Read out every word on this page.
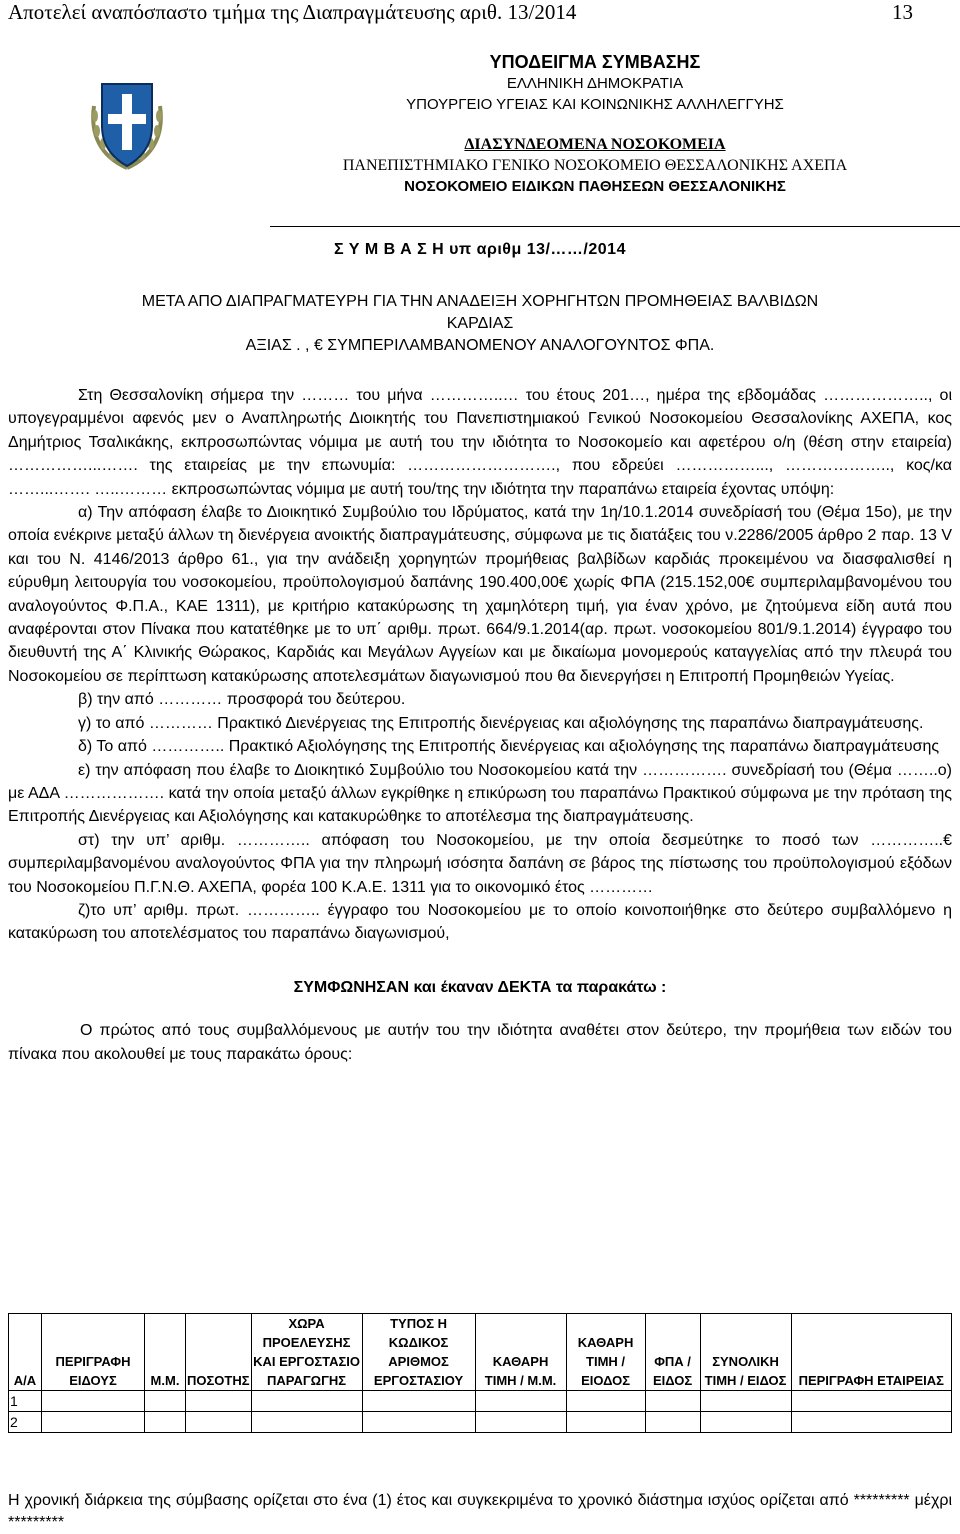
Αποτελεί αναπόσπαστο τμήμα της Διαπραγμάτευσης αριθ. 13/2014	13
ΥΠΟΔΕΙΓΜΑ ΣΥΜΒΑΣΗΣ
ΕΛΛΗΝΙΚΗ ΔΗΜΟΚΡΑΤΙΑ
ΥΠΟΥΡΓΕΙΟ ΥΓΕΙΑΣ ΚΑΙ ΚΟΙΝΩΝΙΚΗΣ ΑΛΛΗΛΕΓΓΥΗΣ
ΔΙΑΣΥΝΔΕΟΜΕΝΑ ΝΟΣΟΚΟΜΕΙΑ
ΠΑΝΕΠΙΣΤΗΜΙΑΚΟ ΓΕΝΙΚΟ ΝΟΣΟΚΟΜΕΙΟ ΘΕΣΣΑΛΟΝΙΚΗΣ ΑΧΕΠΑ
ΝΟΣΟΚΟΜΕΙΟ ΕΙΔΙΚΩΝ ΠΑΘΗΣΕΩΝ ΘΕΣΣΑΛΟΝΙΚΗΣ
Σ Υ Μ Β Α Σ Η υπ αριθμ 13/……/2014
ΜΕΤΑ ΑΠΟ ΔΙΑΠΡΑΓΜΑΤΕΥΡΗ ΓΙΑ ΤΗΝ ΑΝΑΔΕΙΞΗ ΧΟΡΗΓΗΤΩΝ ΠΡΟΜΗΘΕΙΑΣ ΒΑΛΒΙΔΩΝ
ΚΑΡΔΙΑΣ
ΑΞΙΑΣ . , € ΣΥΜΠΕΡΙΛΑΜΒΑΝΟΜΕΝΟΥ ΑΝΑΛΟΓΟΥΝΤΟΣ ΦΠΑ.

Στη Θεσσαλονίκη σήμερα την ……… του μήνα …………..… του έτους 201…, ημέρα της εβδομάδας ……………….., οι υπογεγραμμένοι αφενός μεν ο Αναπληρωτής Διοικητής του Πανεπιστημιακού Γενικού Νοσοκομείου Θεσσαλονίκης ΑΧΕΠΑ, κος Δημήτριος Τσαλικάκης, εκπροσωπώντας νόμιμα με αυτή του την ιδιότητα το Νοσοκομείο και αφετέρου ο/η (θέση στην εταιρεία) ……………...……. της εταιρείας με την επωνυμία: ………………………., που εδρεύει ……………..., ……………….., κος/κα ……...……. …..……… εκπροσωπώντας νόμιμα με αυτή του/της την ιδιότητα την παραπάνω εταιρεία έχοντας υπόψη:

α) Την απόφαση έλαβε το Διοικητικό Συμβούλιο του Ιδρύματος, κατά την 1η/10.1.2014 συνεδρίασή του (Θέμα 15ο), με την οποία ενέκρινε μεταξύ άλλων τη διενέργεια ανοικτής διαπραγμάτευσης, σύμφωνα με τις διατάξεις του ν.2286/2005 άρθρο 2 παρ. 13 V και του Ν. 4146/2013 άρθρο 61., για την ανάδειξη χορηγητών προμήθειας βαλβίδων καρδιάς προκειμένου να διασφαλισθεί η εύρυθμη λειτουργία του νοσοκομείου, προϋπολογισμού δαπάνης 190.400,00€ χωρίς ΦΠΑ (215.152,00€ συμπεριλαμβανομένου του αναλογούντος Φ.Π.Α., ΚΑΕ 1311), με κριτήριο κατακύρωσης τη χαμηλότερη τιμή, για έναν χρόνο, με ζητούμενα είδη αυτά που αναφέρονται στον Πίνακα που κατατέθηκε με το υπ΄ αριθμ. πρωτ. 664/9.1.2014(αρ. πρωτ. νοσοκομείου 801/9.1.2014) έγγραφο του διευθυντή της Α΄ Κλινικής Θώρακος, Καρδιάς και Μεγάλων Αγγείων και με δικαίωμα μονομερούς καταγγελίας από την πλευρά του Νοσοκομείου σε περίπτωση κατακύρωσης αποτελεσμάτων διαγωνισμού που θα διενεργήσει η Επιτροπή Προμηθειών Υγείας.

β) την από ………… προσφορά του δεύτερου.

γ) το από ………… Πρακτικό Διενέργειας της Επιτροπής διενέργειας και αξιολόγησης της παραπάνω διαπραγμάτευσης.

δ) Το από ………….. Πρακτικό Αξιολόγησης της Επιτροπής διενέργειας και αξιολόγησης της παραπάνω διαπραγμάτευσης

ε) την απόφαση που έλαβε το Διοικητικό Συμβούλιο του Νοσοκομείου κατά την ……………. συνεδρίασή του (Θέμα ……..ο) με ΑΔΑ ………………. κατά την οποία μεταξύ άλλων εγκρίθηκε η επικύρωση του παραπάνω Πρακτικού σύμφωνα με την πρόταση της Επιτροπής Διενέργειας και Αξιολόγησης και κατακυρώθηκε το αποτέλεσμα της διαπραγμάτευσης.

στ) την υπ’ αριθμ. ………….. απόφαση του Νοσοκομείου, με την οποία δεσμεύτηκε το ποσό των …………..€ συμπεριλαμβανομένου αναλογούντος ΦΠΑ για την πληρωμή ισόσητα δαπάνη σε βάρος της πίστωσης του προϋπολογισμού εξόδων του Νοσοκομείου Π.Γ.Ν.Θ. ΑΧΕΠΑ, φορέα 100 Κ.Α.Ε. 1311 για το οικονομικό έτος …………

ζ)το υπ’ αριθμ. πρωτ. ………….. έγγραφο του Νοσοκομείου με το οποίο κοινοποιήθηκε στο δεύτερο συμβαλλόμενο η κατακύρωση του αποτελέσματος του παραπάνω διαγωνισμού,

ΣΥΜΦΩΝΗΣΑΝ και έκαναν ΔΕΚΤΑ τα παρακάτω :

Ο πρώτος από τους συμβαλλόμενους με αυτήν του την ιδιότητα αναθέτει στον δεύτερο, την προμήθεια των ειδών του πίνακα που ακολουθεί με τους παρακάτω όρους:

Α/Α	ΠΕΡΙΓΡΑΦΗ ΕΙΔΟΥΣ	Μ.Μ.	ΠΟΣΟΤΗΣ	ΧΩΡΑ ΠΡΟΕΛΕΥΣΗΣ ΚΑΙ ΕΡΓΟΣΤΑΣΙΟ ΠΑΡΑΓΩΓΗΣ	ΤΥΠΟΣ Η ΚΩΔΙΚΟΣ ΑΡΙΘΜΟΣ ΕΡΓΟΣΤΑΣΙΟΥ	ΚΑΘΑΡΗ ΤΙΜΗ / Μ.Μ.	ΚΑΘΑΡΗ ΤΙΜΗ / ΕΙΟΔΟΣ	ΦΠΑ / ΕΙΔΟΣ	ΣΥΝΟΛΙΚΗ ΤΙΜΗ / ΕΙΔΟΣ	ΠΕΡΙΓΡΑΦΗ ΕΤΑΙΡΕΙΑΣ
1										
2										
Η χρονική διάρκεια της σύμβασης ορίζεται στο ένα (1) έτος και συγκεκριμένα το χρονικό διάστημα ισχύος ορίζεται από ********* μέχρι *********
